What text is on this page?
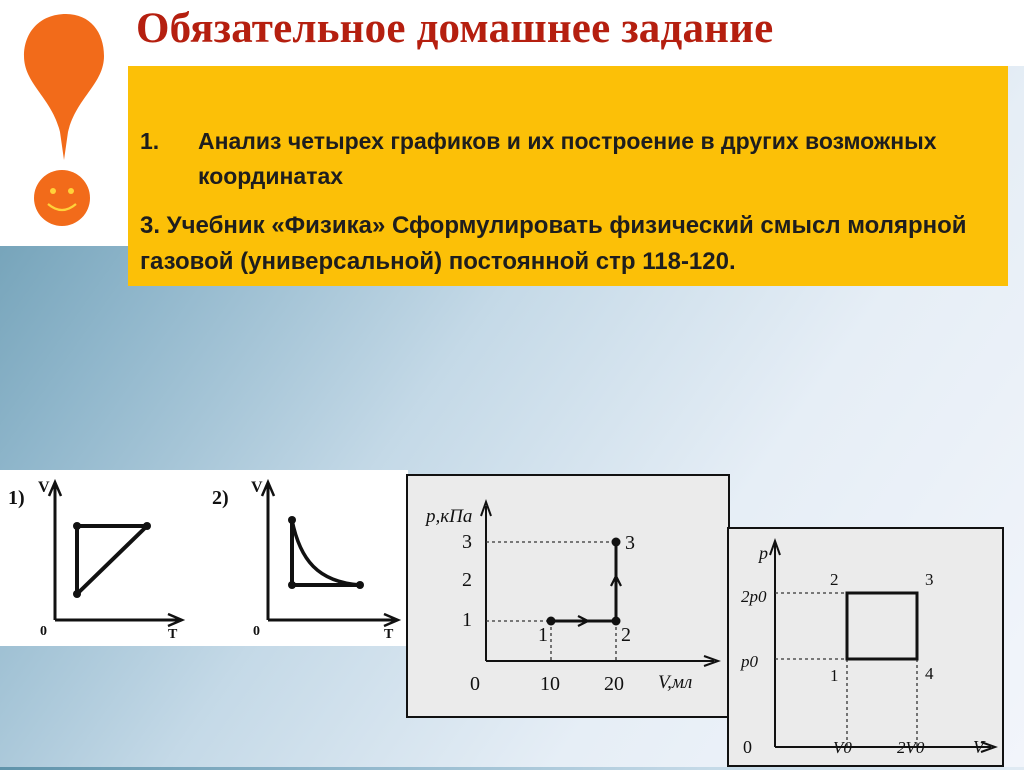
Обязательное домашнее задание
1. Анализ четырех графиков и их построение в других возможных координатах
3. Учебник «Физика» Сформулировать физический смысл молярной газовой (универсальной) постоянной стр 118-120.
1) V
T
0
2) V
T
0
p,кПа
V,мл
0
1
2
3
10 20
1	2
3	p
V
0
2p0
p0
V0	2V0
2	3
1	4
